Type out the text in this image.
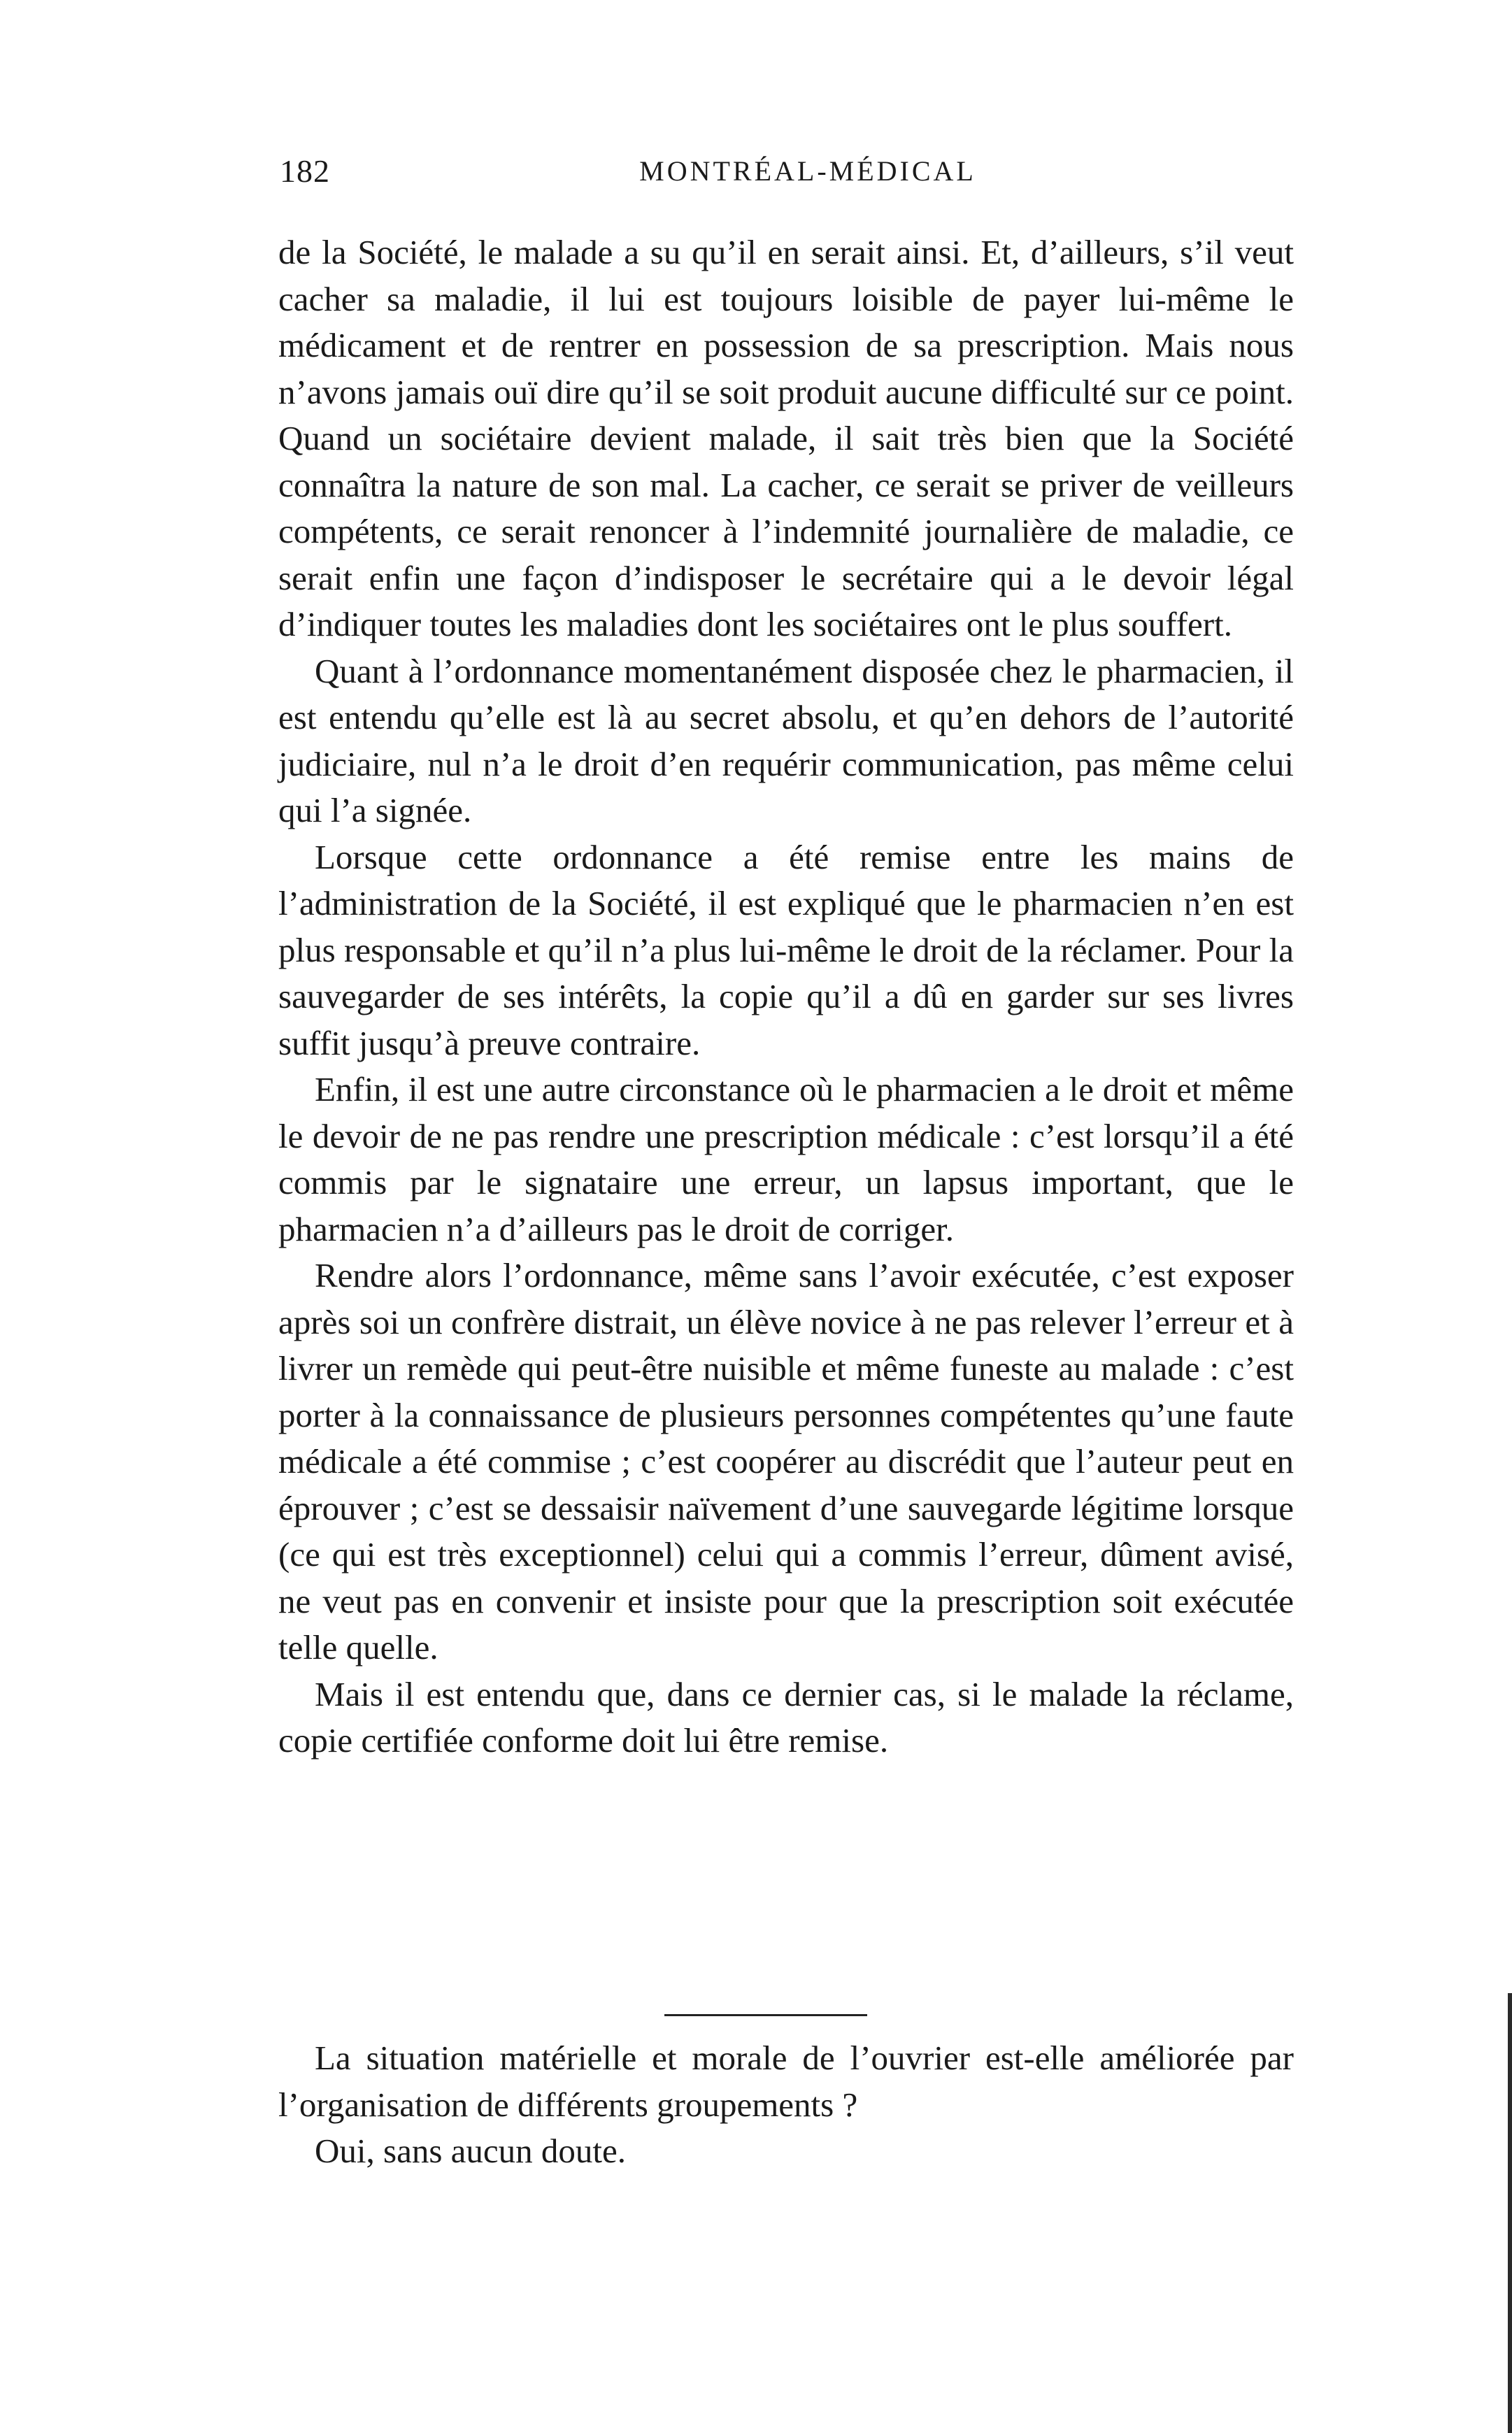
182	MONTRÉAL-MÉDICAL

de la Société, le malade a su qu’il en serait ainsi. Et, d’ailleurs, s’il veut cacher sa maladie, il lui est toujours loisible de payer lui-même le médicament et de rentrer en possession de sa prescription. Mais nous n’avons jamais ouï dire qu’il se soit produit aucune difficulté sur ce point. Quand un sociétaire devient malade, il sait très bien que la Société connaîtra la nature de son mal. La cacher, ce serait se priver de veilleurs compétents, ce serait renoncer à l’indemnité journalière de maladie, ce serait enfin une façon d’indisposer le secrétaire qui a le devoir légal d’indiquer toutes les maladies dont les sociétaires ont le plus souffert.

Quant à l’ordonnance momentanément disposée chez le pharmacien, il est entendu qu’elle est là au secret absolu, et qu’en dehors de l’autorité judiciaire, nul n’a le droit d’en requérir communication, pas même celui qui l’a signée.

Lorsque cette ordonnance a été remise entre les mains de l’administration de la Société, il est expliqué que le pharmacien n’en est plus responsable et qu’il n’a plus lui-même le droit de la réclamer. Pour la sauvegarder de ses intérêts, la copie qu’il a dû en garder sur ses livres suffit jusqu’à preuve contraire.

Enfin, il est une autre circonstance où le pharmacien a le droit et même le devoir de ne pas rendre une prescription médicale : c’est lorsqu’il a été commis par le signataire une erreur, un lapsus important, que le pharmacien n’a d’ailleurs pas le droit de corriger.

Rendre alors l’ordonnance, même sans l’avoir exécutée, c’est exposer après soi un confrère distrait, un élève novice à ne pas relever l’erreur et à livrer un remède qui peut-être nuisible et même funeste au malade : c’est porter à la connaissance de plusieurs personnes compétentes qu’une faute médicale a été commise ; c’est coopérer au discrédit que l’auteur peut en éprouver ; c’est se dessaisir naïvement d’une sauvegarde légitime lorsque (ce qui est très exceptionnel) celui qui a commis l’erreur, dûment avisé, ne veut pas en convenir et insiste pour que la prescription soit exécutée telle quelle.

Mais il est entendu que, dans ce dernier cas, si le malade la réclame, copie certifiée conforme doit lui être remise.

La situation matérielle et morale de l’ouvrier est-elle améliorée par l’organisation de différents groupements ?

Oui, sans aucun doute.
